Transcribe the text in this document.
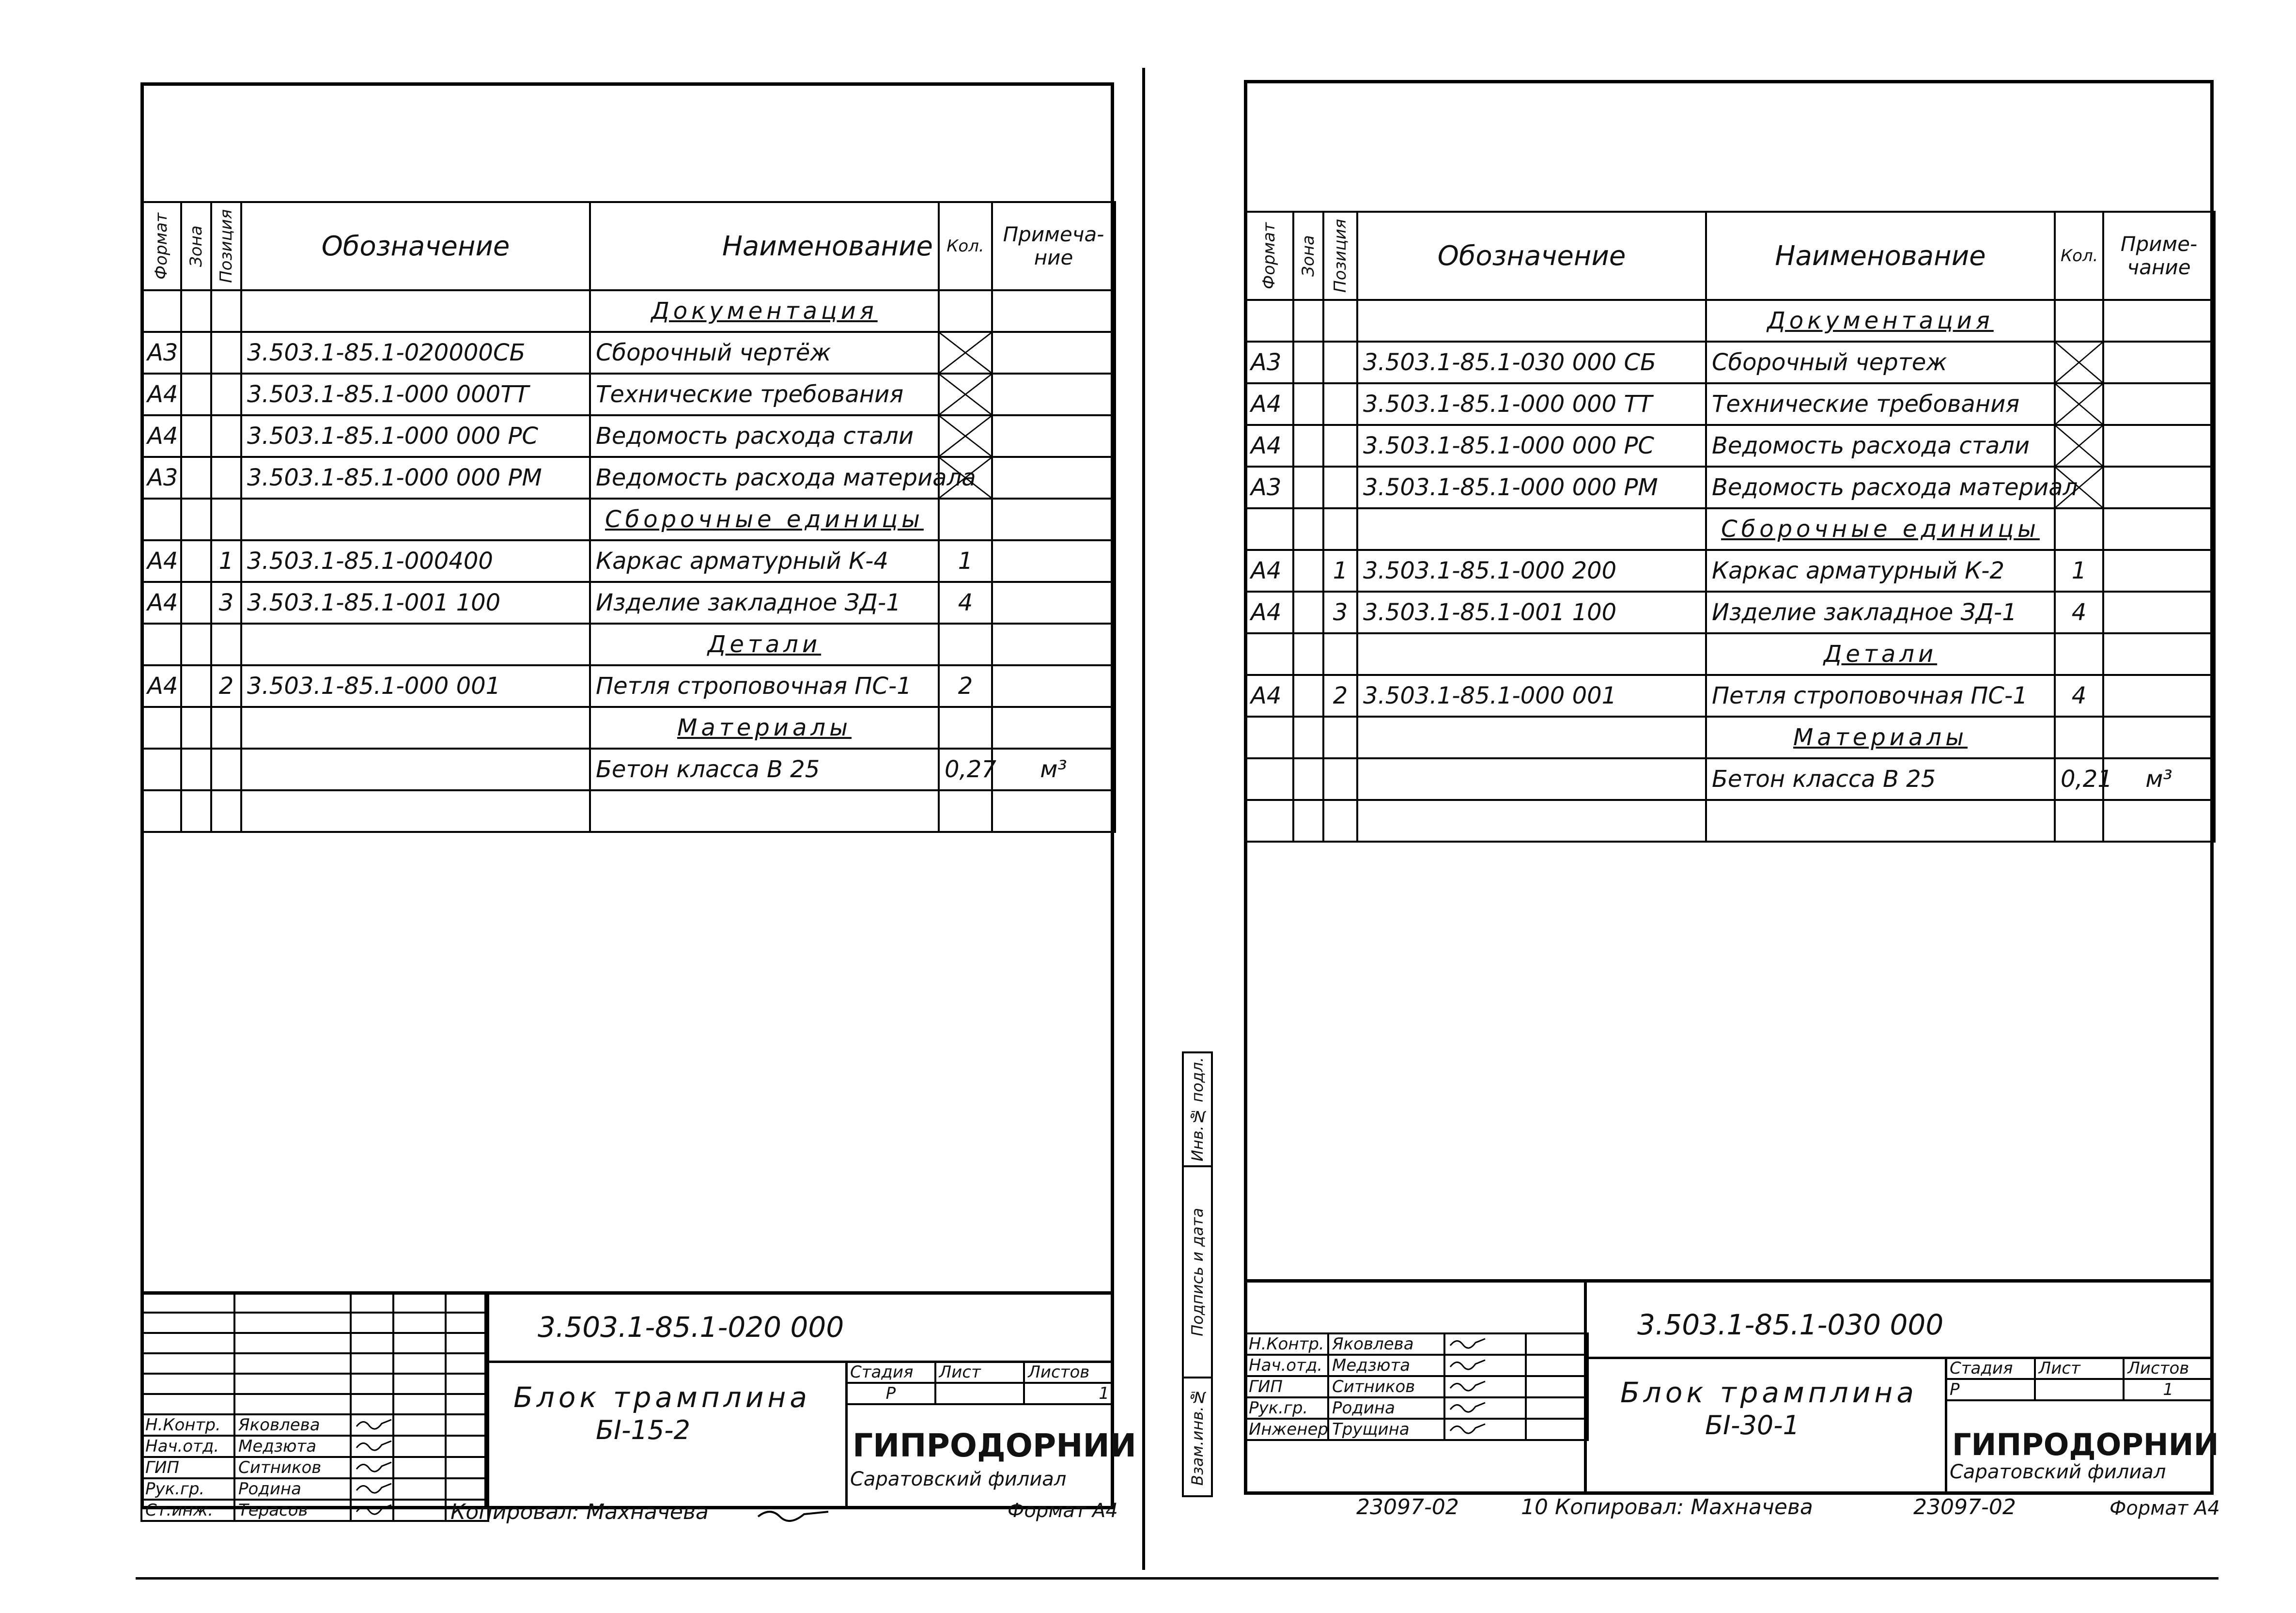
Формат	Зона	Позиция	Обозначение	Наименование	Кол.	Примеча-ние
				Документация		
А3			3.503.1-85.1-020000СБ	Сборочный чертёж	

А4			3.503.1-85.1-000 000ТТ	Технические требования	

А4			3.503.1-85.1-000 000 РС	Ведомость расхода стали	

А3			3.503.1-85.1-000 000 РМ	Ведомость расхода материала	

				Сборочные единицы		
А4		1	3.503.1-85.1-000400	Каркас арматурный К-4	1	
А4		3	3.503.1-85.1-001 100	Изделие закладное ЗД-1	4	
				Детали		
А4		2	3.503.1-85.1-000 001	Петля строповочная ПС-1	2	
				Материалы		
				Бетон класса В 25	0,27	м³

Н.Контр.	Яковлева			
Нач.отд.	Медзюта			
ГИП	Ситников			
Рук.гр.	Родина			
Ст.инж.	Терасов			
3.503.1-85.1-020 000
Блок трамплина
БI-15-2
Стадия	Лист	Листов
Р		1
ГИПРОДОРНИИ
Саратовский филиал
Копировал: Махначева	Формат А4
Формат	Зона	Позиция	Обозначение	Наименование	Кол.	Приме-чание
				Документация		
А3			3.503.1-85.1-030 000 СБ	Сборочный чертеж	

А4			3.503.1-85.1-000 000 ТТ	Технические требования	

А4			3.503.1-85.1-000 000 РС	Ведомость расхода стали	

А3			3.503.1-85.1-000 000 РМ	Ведомость расхода материал	

				Сборочные единицы		
А4		1	3.503.1-85.1-000 200	Каркас арматурный К-2	1	
А4		3	3.503.1-85.1-001 100	Изделие закладное ЗД-1	4	
				Детали		
А4		2	3.503.1-85.1-000 001	Петля строповочная ПС-1	4	
				Материалы		
				Бетон класса В 25	0,21	м³

Инв.№ подл.
Подпись и дата
Взам.инв.№
Н.Контр.	Яковлева		
Нач.отд.	Медзюта		
ГИП	Ситников		
Рук.гр.	Родина		
Инженер	Трущина		
3.503.1-85.1-030 000
Блок трамплина
БI-30-1
Стадия	Лист	Листов
Р		1
ГИПРОДОРНИИ
Саратовский филиал
23097-02	10 Копировал: Махначева	23097-02	Формат А4
